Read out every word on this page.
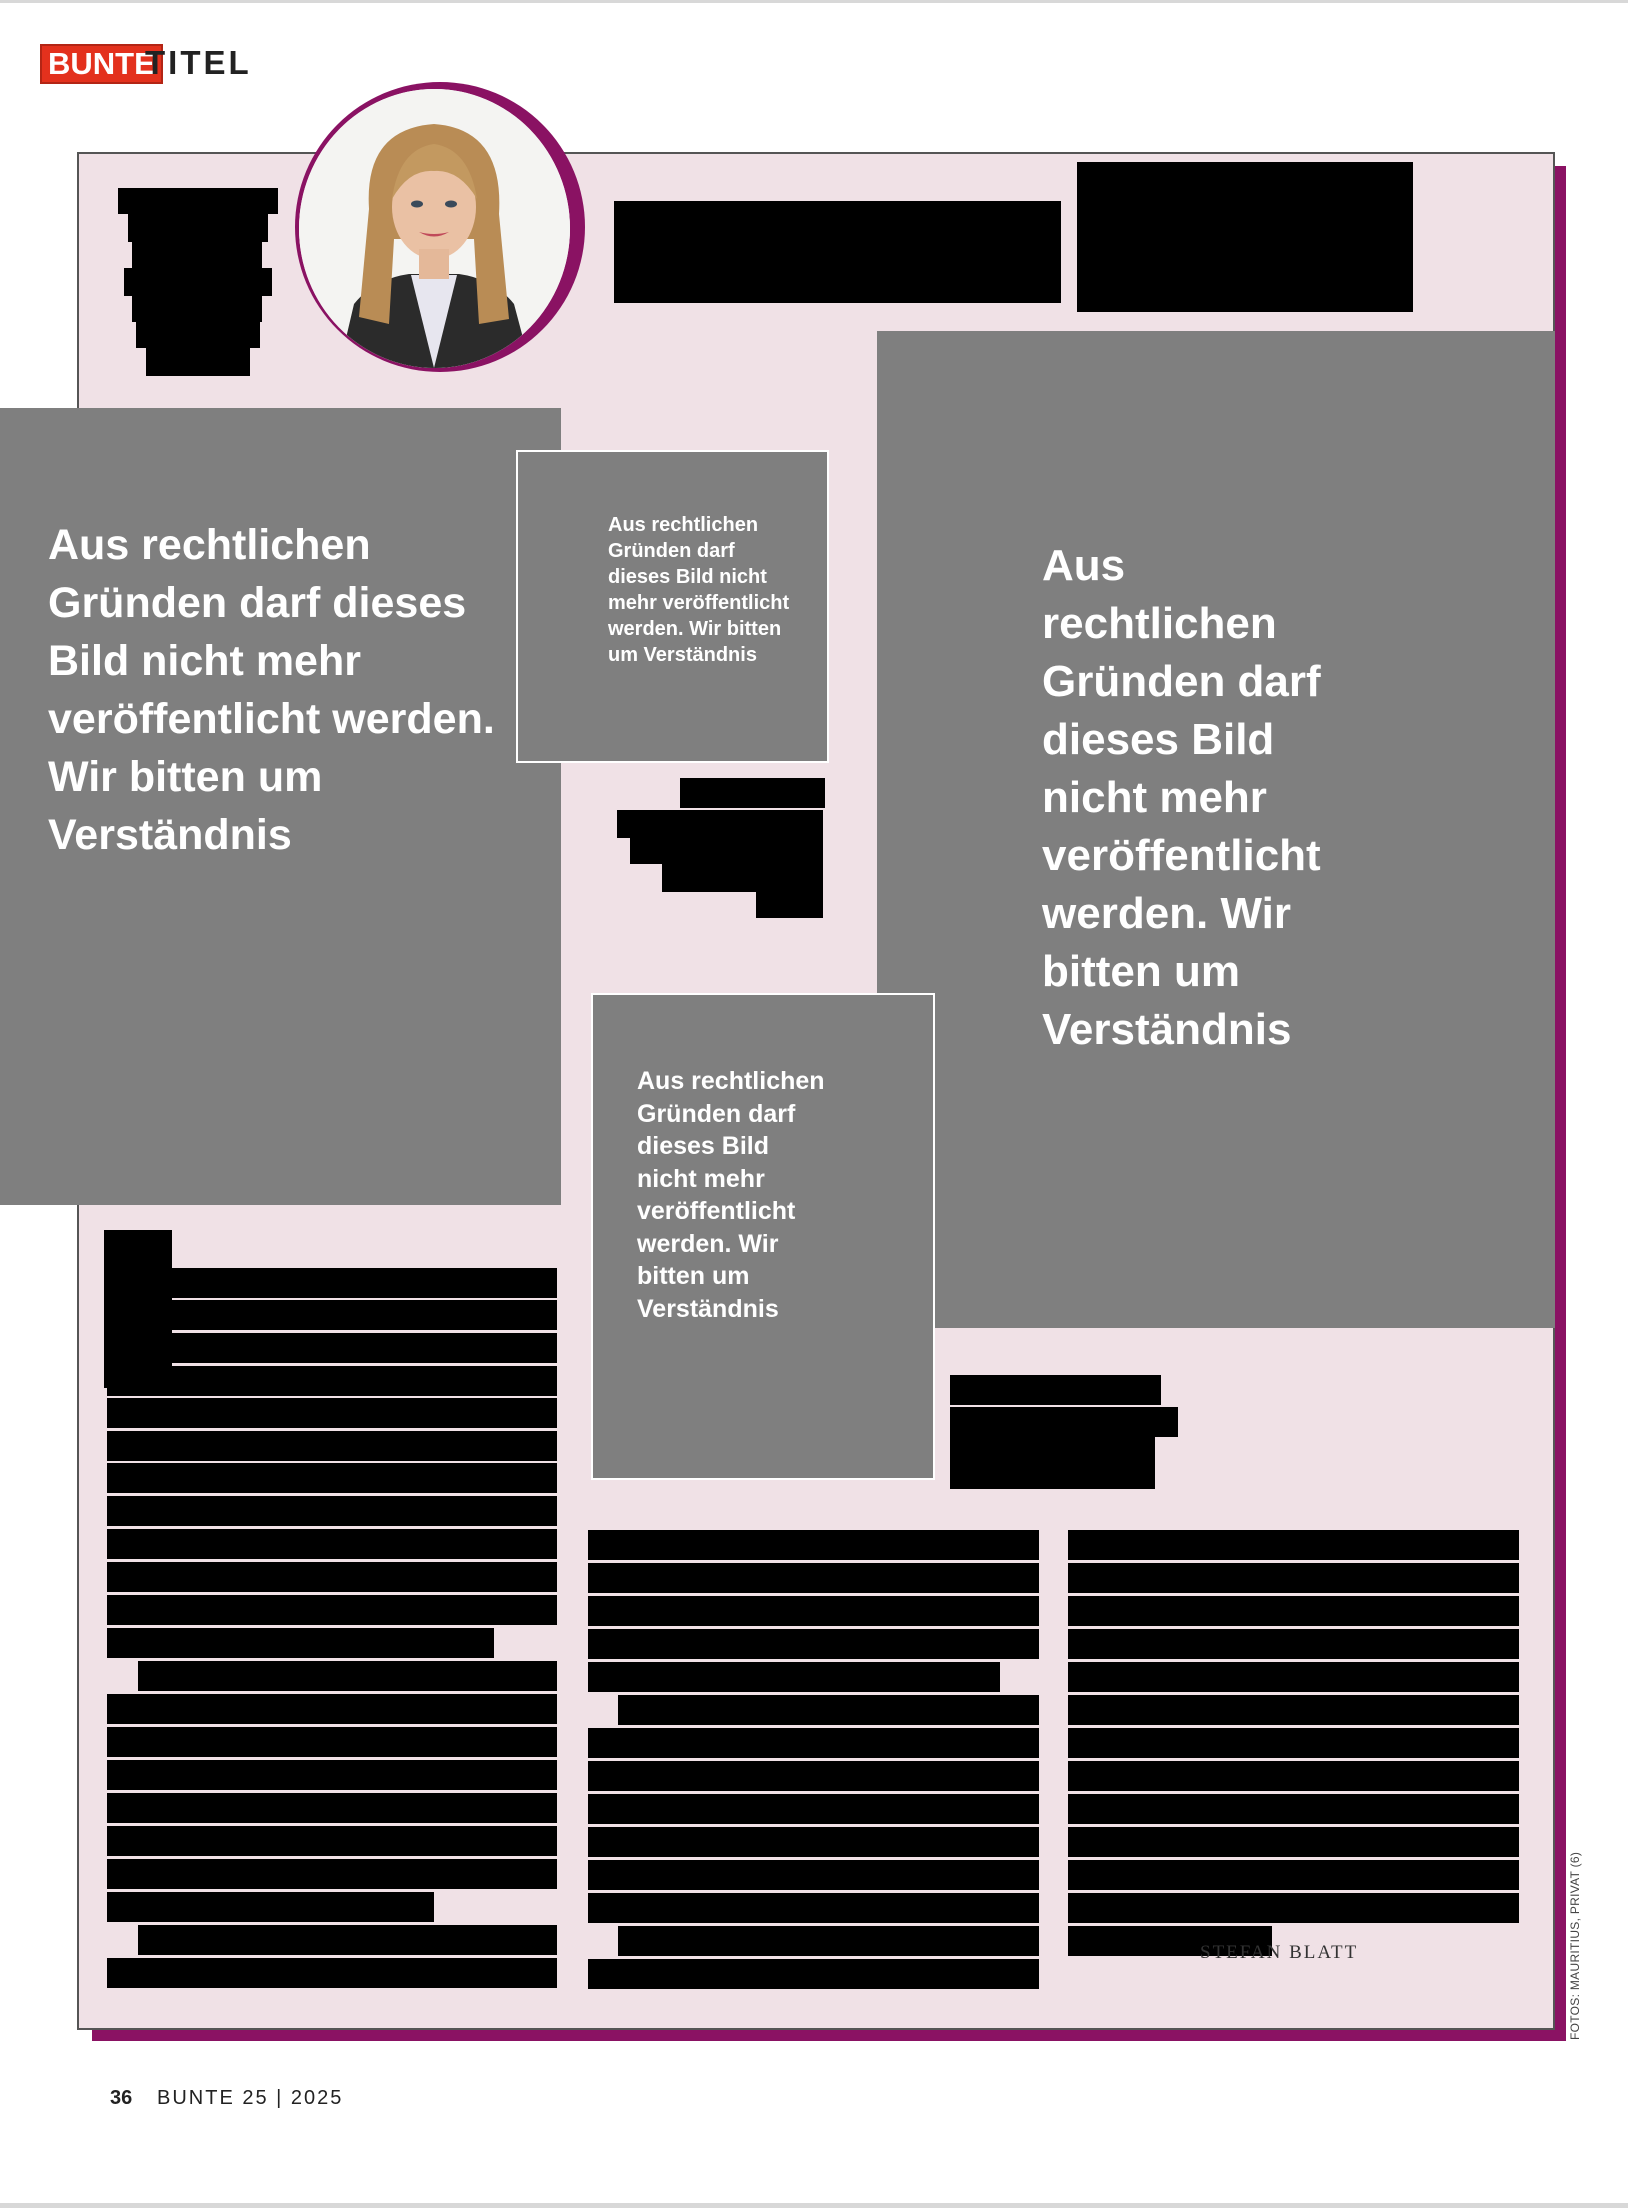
BUNTE
TITEL
Aus rechtlichen Gründen darf dieses Bild nicht mehr veröffentlicht werden. Wir bitten um Verständnis
Aus rechtlichen Gründen darf dieses Bild nicht mehr veröffentlicht werden. Wir bitten um Verständnis
Aus rechtlichen Gründen darf dieses Bild nicht mehr veröffentlicht werden. Wir bitten um Verständnis
Aus rechtlichen Gründen darf dieses Bild nicht mehr veröffentlicht werden. Wir bitten um Verständnis
STEFAN BLATT	FOTOS: MAURITIUS, PRIVAT (6)
36 BUNTE 25 | 2025
